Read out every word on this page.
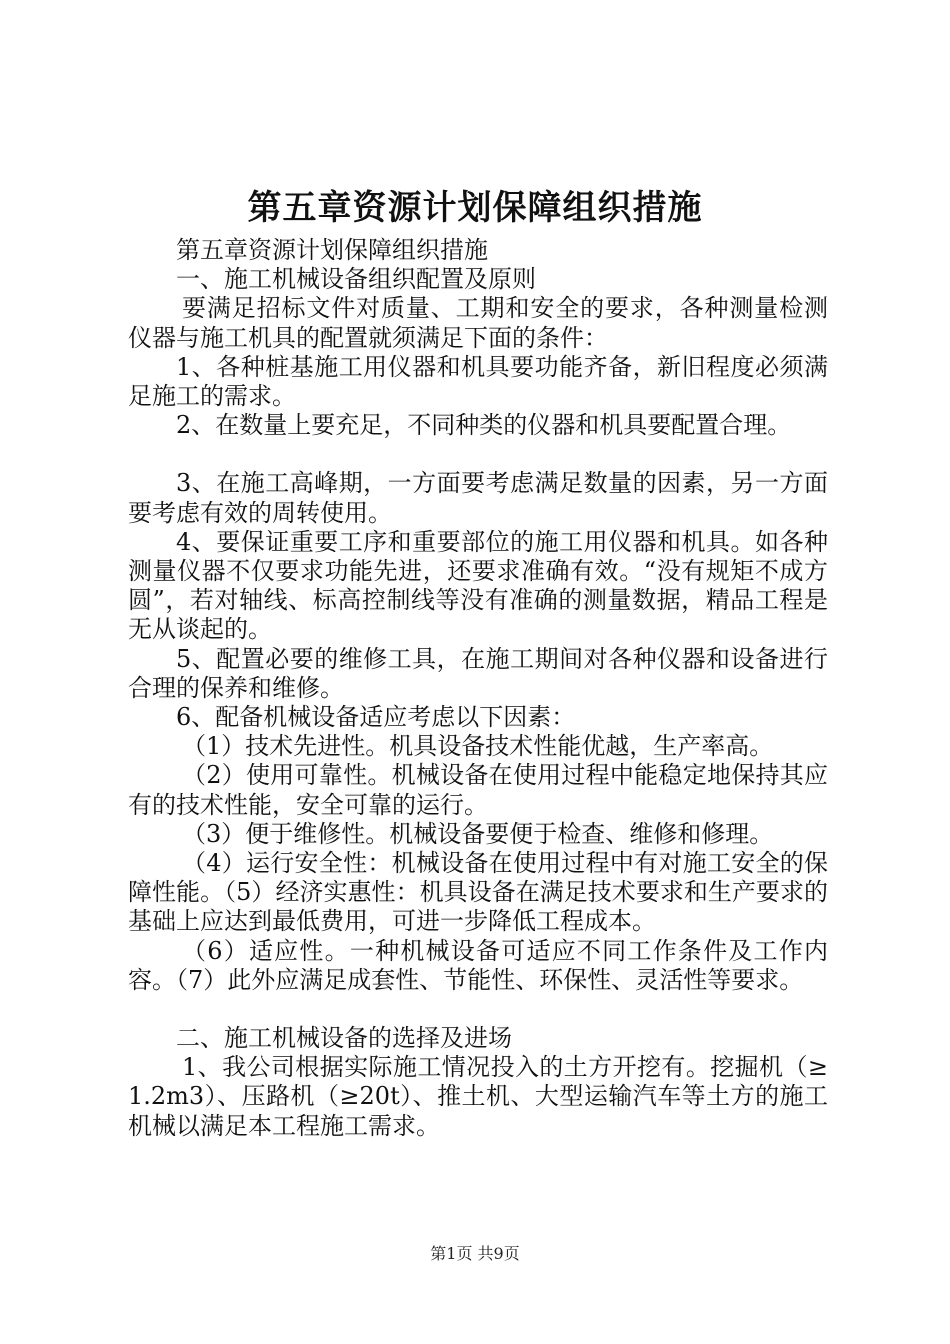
第五章资源计划保障组织措施

第五章资源计划保障组织措施

一、施工机械设备组织配置及原则

要满足招标文件对质量、工期和安全的要求，各种测量检测仪器与施工机具的配置就须满足下面的条件：

1、各种桩基施工用仪器和机具要功能齐备，新旧程度必须满足施工的需求。

2、在数量上要充足，不同种类的仪器和机具要配置合理。

3、在施工高峰期，一方面要考虑满足数量的因素，另一方面要考虑有效的周转使用。

4、要保证重要工序和重要部位的施工用仪器和机具。如各种测量仪器不仅要求功能先进，还要求准确有效。“没有规矩不成方圆”，若对轴线、标高控制线等没有准确的测量数据，精品工程是无从谈起的。

5、配置必要的维修工具，在施工期间对各种仪器和设备进行合理的保养和维修。

6、配备机械设备适应考虑以下因素：

（1）技术先进性。机具设备技术性能优越，生产率高。

（2）使用可靠性。机械设备在使用过程中能稳定地保持其应有的技术性能，安全可靠的运行。

（3）便于维修性。机械设备要便于检查、维修和修理。

（4）运行安全性：机械设备在使用过程中有对施工安全的保障性能。（5）经济实惠性：机具设备在满足技术要求和生产要求的基础上应达到最低费用，可进一步降低工程成本。

（6）适应性。一种机械设备可适应不同工作条件及工作内容。（7）此外应满足成套性、节能性、环保性、灵活性等要求。

二、施工机械设备的选择及进场

1、我公司根据实际施工情况投入的土方开挖有。挖掘机（≥1.2m3）、压路机（≥20t）、推土机、大型运输汽车等土方的施工机械以满足本工程施工需求。

第1页 共9页
